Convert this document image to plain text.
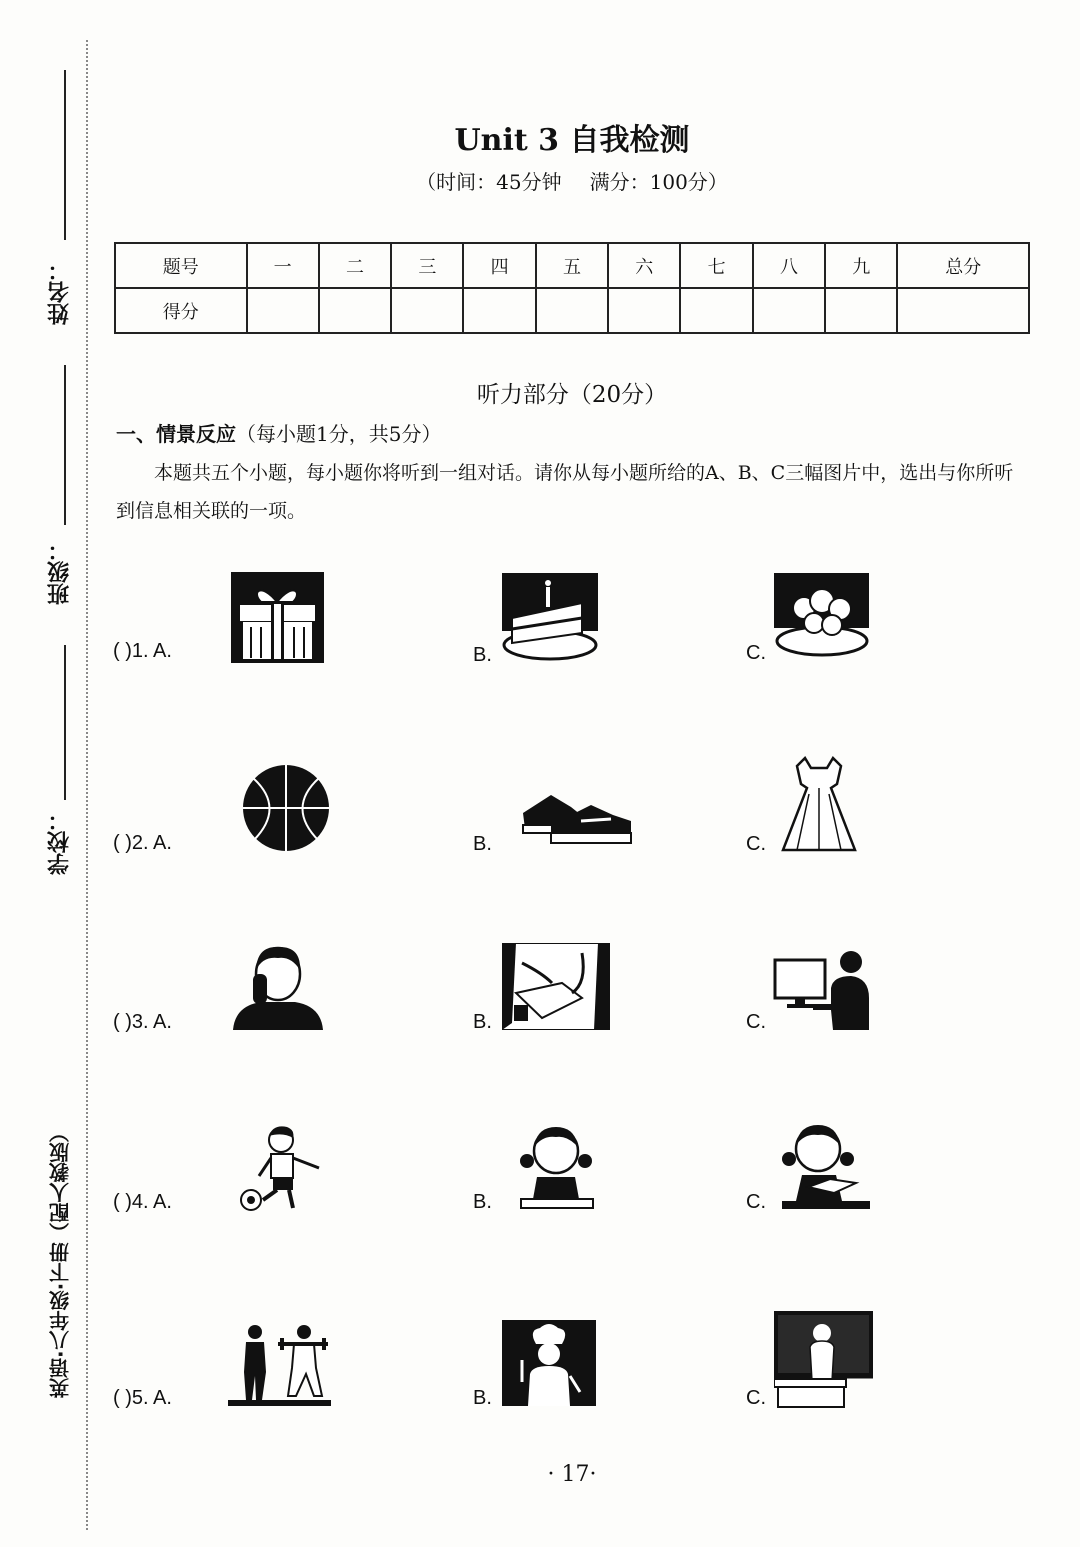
姓名：
班级：
学校：
英语·八年级·下册（配人教版）
Unit 3 自我检测
（时间：45分钟 满分：100分）
题号	一	二	三	四	五	六	七	八	九	总分
得分										
听力部分（20分）
一、情景反应（每小题1分，共5分）
本题共五个小题，每小题你将听到一组对话。请你从每小题所给的A、B、C三幅图片中，选出与你所听到信息相关联的一项。
( )1. A.	B.	C.
( )2. A.	B.	C.
( )3. A.	B.	C.
( )4. A.	B.	C.
( )5. A.	B.	C.
· 17·
